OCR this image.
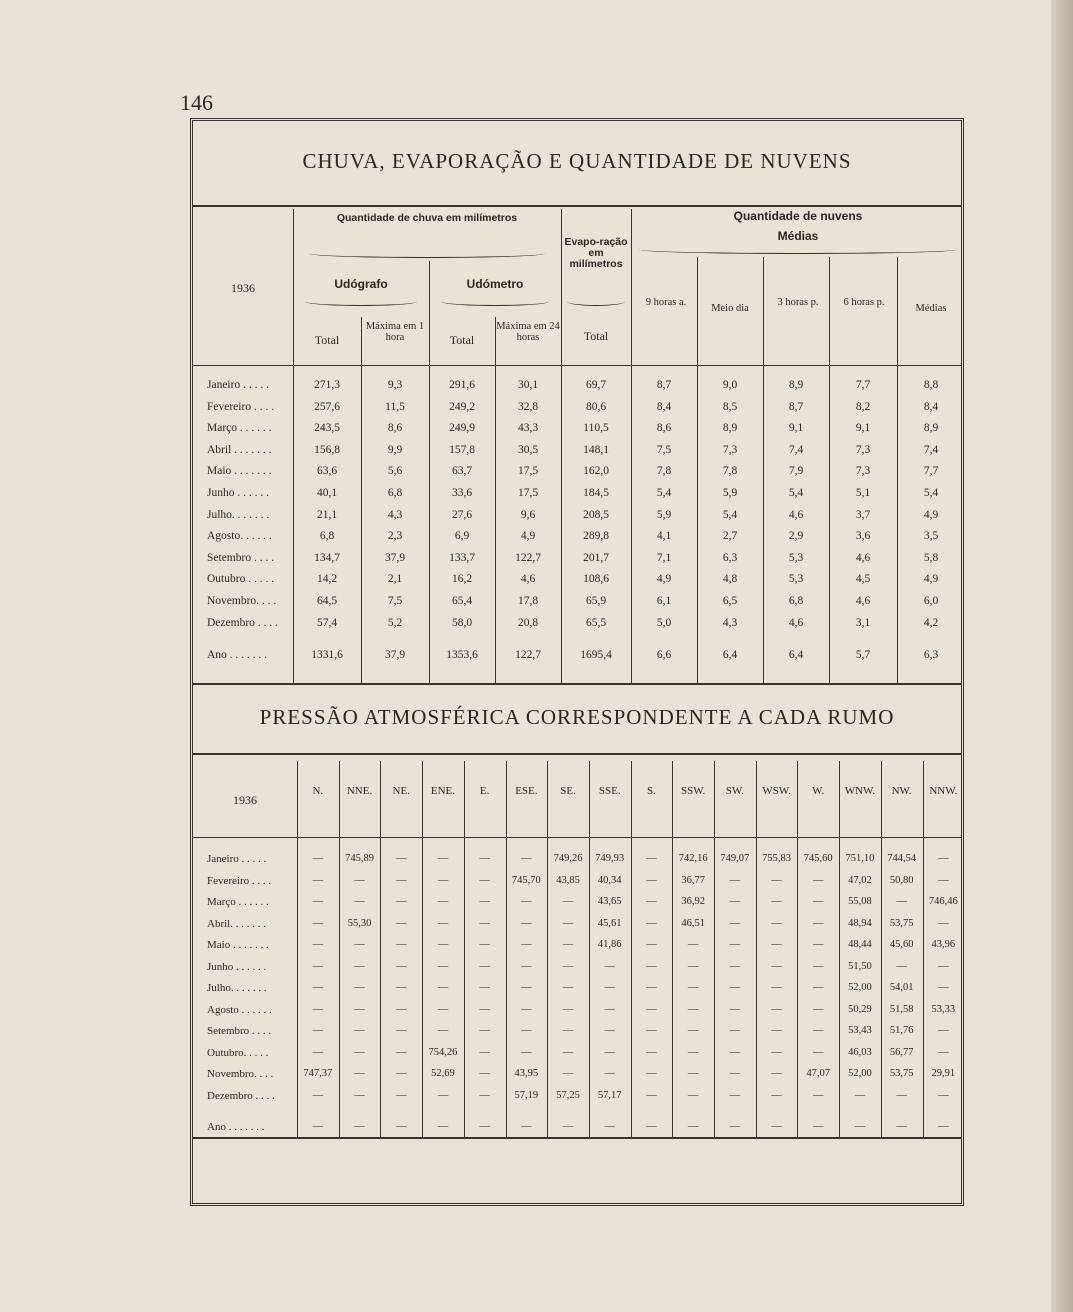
146
CHUVA, EVAPORAÇÃO E QUANTIDADE DE NUVENS
1936
Quantidade de chuva em milímetros
Udógrafo	Udómetro
Evapo-ração em milímetros
Quantidade de nuvens
Médias
Total
Máxima em 1 hora	Total
Máxima em 24 horas	Total
9 horas a.
Meio dia
3 horas p.	6 horas p.
Médias
Janeiro . . . . .	271,3	9,3	291,6	30,1	69,7	8,7	9,0	8,9	7,7	8,8
Fevereiro . . . .	257,6	11,5	249,2	32,8	80,6	8,4	8,5	8,7	8,2	8,4
Março . . . . . .	243,5	8,6	249,9	43,3	110,5	8,6	8,9	9,1	9,1	8,9
Abril . . . . . . .	156,8	9,9	157,8	30,5	148,1	7,5	7,3	7,4	7,3	7,4
Maio . . . . . . .	63,6	5,6	63,7	17,5	162,0	7,8	7,8	7,9	7,3	7,7
Junho . . . . . .	40,1	6,8	33,6	17,5	184,5	5,4	5,9	5,4	5,1	5,4
Julho. . . . . . .	21,1	4,3	27,6	9,6	208,5	5,9	5,4	4,6	3,7	4,9
Agosto. . . . . .	6,8	2,3	6,9	4,9	289,8	4,1	2,7	2,9	3,6	3,5
Setembro . . . .	134,7	37,9	133,7	122,7	201,7	7,1	6,3	5,3	4,6	5,8
Outubro . . . . .	14,2	2,1	16,2	4,6	108,6	4,9	4,8	5,3	4,5	4,9
Novembro. . . .	64,5	7,5	65,4	17,8	65,9	6,1	6,5	6,8	4,6	6,0
Dezembro . . . .	57,4	5,2	58,0	20,8	65,5	5,0	4,3	4,6	3,1	4,2
Ano . . . . . . .	1331,6	37,9	1353,6	122,7	1695,4	6,6	6,4	6,4	5,7	6,3
PRESSÃO ATMOSFÉRICA CORRESPONDENTE A CADA RUMO
1936
N.	NNE.	NE.	ENE.	E.	ESE.	SE.	SSE.	S.	SSW.	SW.	WSW.	W.	WNW.	NW.	NNW.
Janeiro . . . . .	—	745,89	—	—	—	—	749,26	749,93	—	742,16	749,07	755,83	745,60	751,10	744,54	—
Fevereiro . . . .	—	—	—	—	—	745,70	43,85	40,34	—	36,77	—	—	—	47,02	50,80	—
Março . . . . . .	—	—	—	—	—	—	—	43,65	—	36,92	—	—	—	55,08	—	746,46
Abril. . . . . . .	—	55,30	—	—	—	—	—	45,61	—	46,51	—	—	—	48,94	53,75	—
Maio . . . . . . .	—	—	—	—	—	—	—	41,86	—	—	—	—	—	48,44	45,60	43,96
Junho . . . . . .	—	—	—	—	—	—	—	—	—	—	—	—	—	51,50	—	—
Julho. . . . . . .	—	—	—	—	—	—	—	—	—	—	—	—	—	52,00	54,01	—
Agosto . . . . . .	—	—	—	—	—	—	—	—	—	—	—	—	—	50,29	51,58	53,33
Setembro . . . .	—	—	—	—	—	—	—	—	—	—	—	—	—	53,43	51,76	—
Outubro. . . . .	—	—	—	754,26	—	—	—	—	—	—	—	—	—	46,03	56,77	—
Novembro. . . .	747,37	—	—	52,69	—	43,95	—	—	—	—	—	—	47,07	52,00	53,75	29,91
Dezembro . . . .	—	—	—	—	—	57,19	57,25	57,17	—	—	—	—	—	—	—	—
Ano . . . . . . .	—	—	—	—	—	—	—	—	—	—	—	—	—	—	—	—
